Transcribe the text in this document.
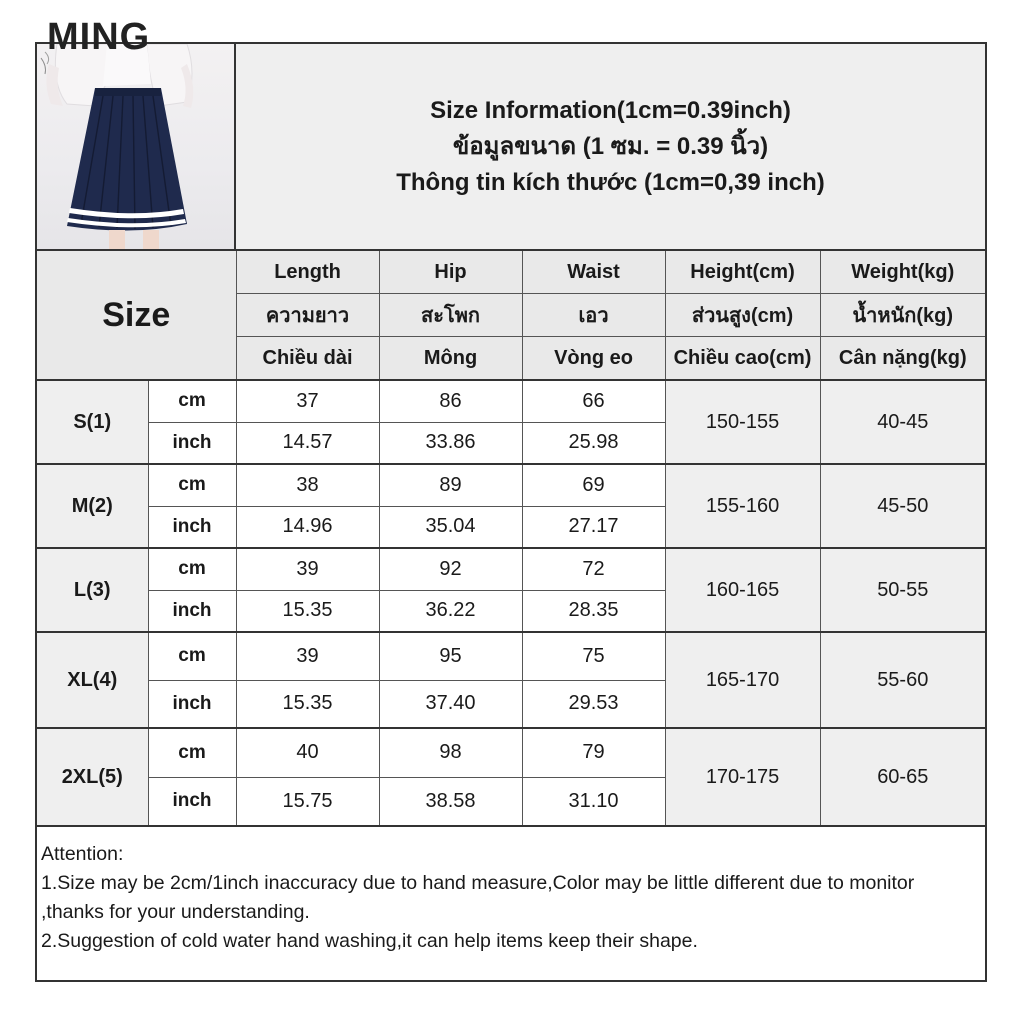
MING
Size Information(1cm=0.39inch)
ข้อมูลขนาด (1 ซม. = 0.39 นิ้ว)
Thông tin kích thước (1cm=0,39 inch)
Size		Length	Hip	Waist	Height(cm)	Weight(kg)
		ความยาว	สะโพก	เอว	ส่วนสูง(cm)	น้ำหนัก(kg)
		Chiều dài	Mông	Vòng eo	Chiều cao(cm)	Cân nặng(kg)
S(1)	cm	37	86	66	150-155	40-45
	inch	14.57	33.86	25.98		
M(2)	cm	38	89	69	155-160	45-50
	inch	14.96	35.04	27.17		
L(3)	cm	39	92	72	160-165	50-55
	inch	15.35	36.22	28.35		
XL(4)	cm	39	95	75	165-170	55-60
	inch	15.35	37.40	29.53		
2XL(5)	cm	40	98	79	170-175	60-65
	inch	15.75	38.58	31.10		

Attention:

1.Size may be 2cm/1inch inaccuracy due to hand measure,Color may be little different due to monitor ,thanks for your understanding.

2.Suggestion of cold water hand washing,it can help items keep their shape.
